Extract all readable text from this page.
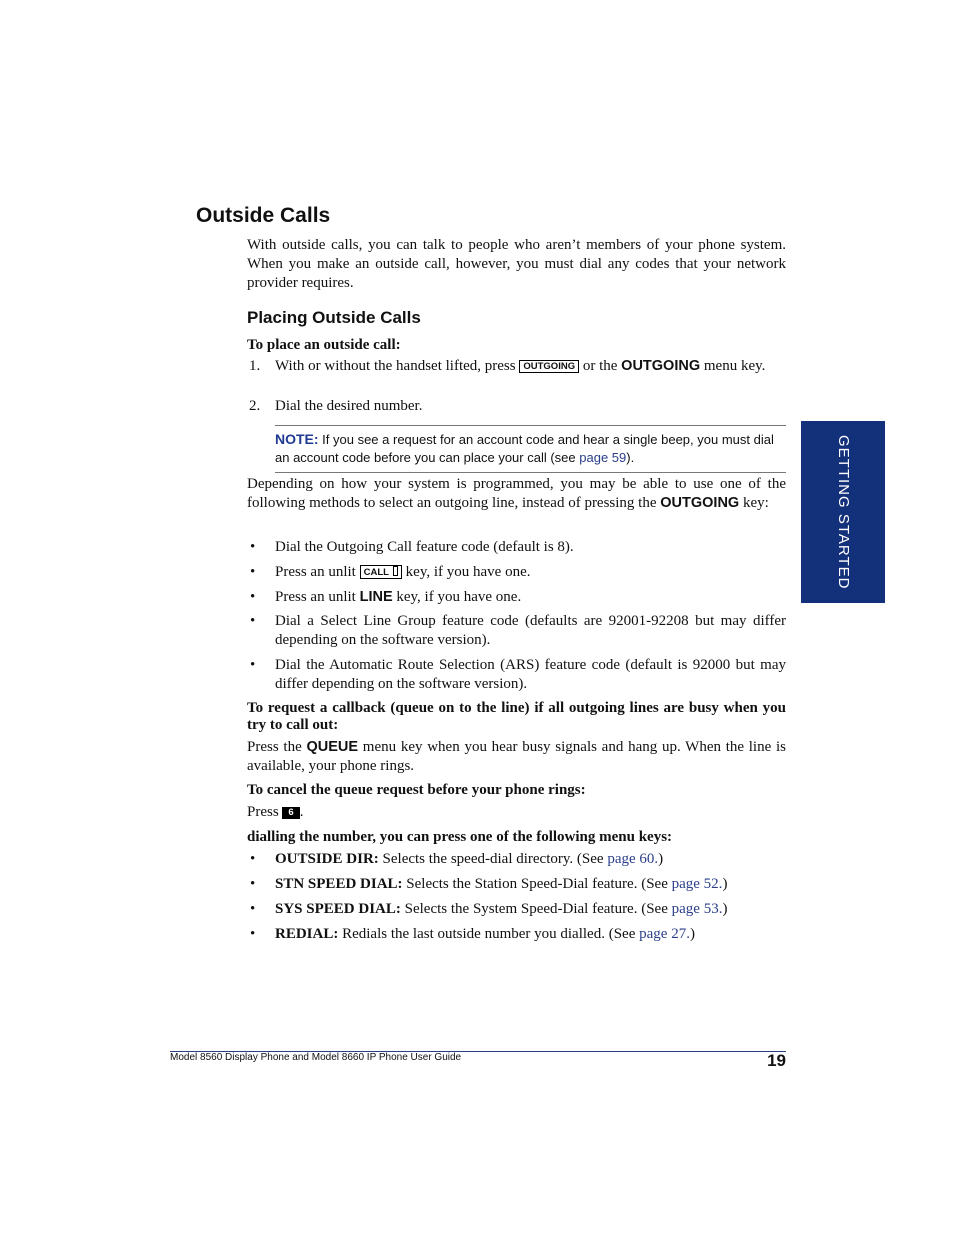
Outside Calls

With outside calls, you can talk to people who aren’t members of your phone system. When you make an outside call, however, you must dial any codes that your network provider requires.

Placing Outside Calls

To place an outside call:

1. With or without the handset lifted, press OUTGOING or the OUTGOING menu key.
2. Dial the desired number.
NOTE: If you see a request for an account code and hear a single beep, you must dial an account code before you can place your call (see page 59).

Depending on how your system is programmed, you may be able to use one of the following methods to select an outgoing line, instead of pressing the OUTGOING key:

• Dial the Outgoing Call feature code (default is 8).
• Press an unlit CALL key, if you have one.
• Press an unlit LINE key, if you have one.
• Dial a Select Line Group feature code (defaults are 92001-92208 but may differ depending on the software version).
• Dial the Automatic Route Selection (ARS) feature code (default is 92000 but may differ depending on the software version).

To request a callback (queue on to the line) if all outgoing lines are busy when you try to call out:

Press the QUEUE menu key when you hear busy signals and hang up. When the line is available, your phone rings.

To cancel the queue request before your phone rings:

Press 6 .

dialling the number, you can press one of the following menu keys:

• OUTSIDE DIR: Selects the speed-dial directory. (See page 60.)
• STN SPEED DIAL: Selects the Station Speed-Dial feature. (See page 52.)
• SYS SPEED DIAL: Selects the System Speed-Dial feature. (See page 53.)
• REDIAL: Redials the last outside number you dialled. (See page 27.)
GETTING STARTED
Model 8560 Display Phone and Model 8660 IP Phone User Guide	19
